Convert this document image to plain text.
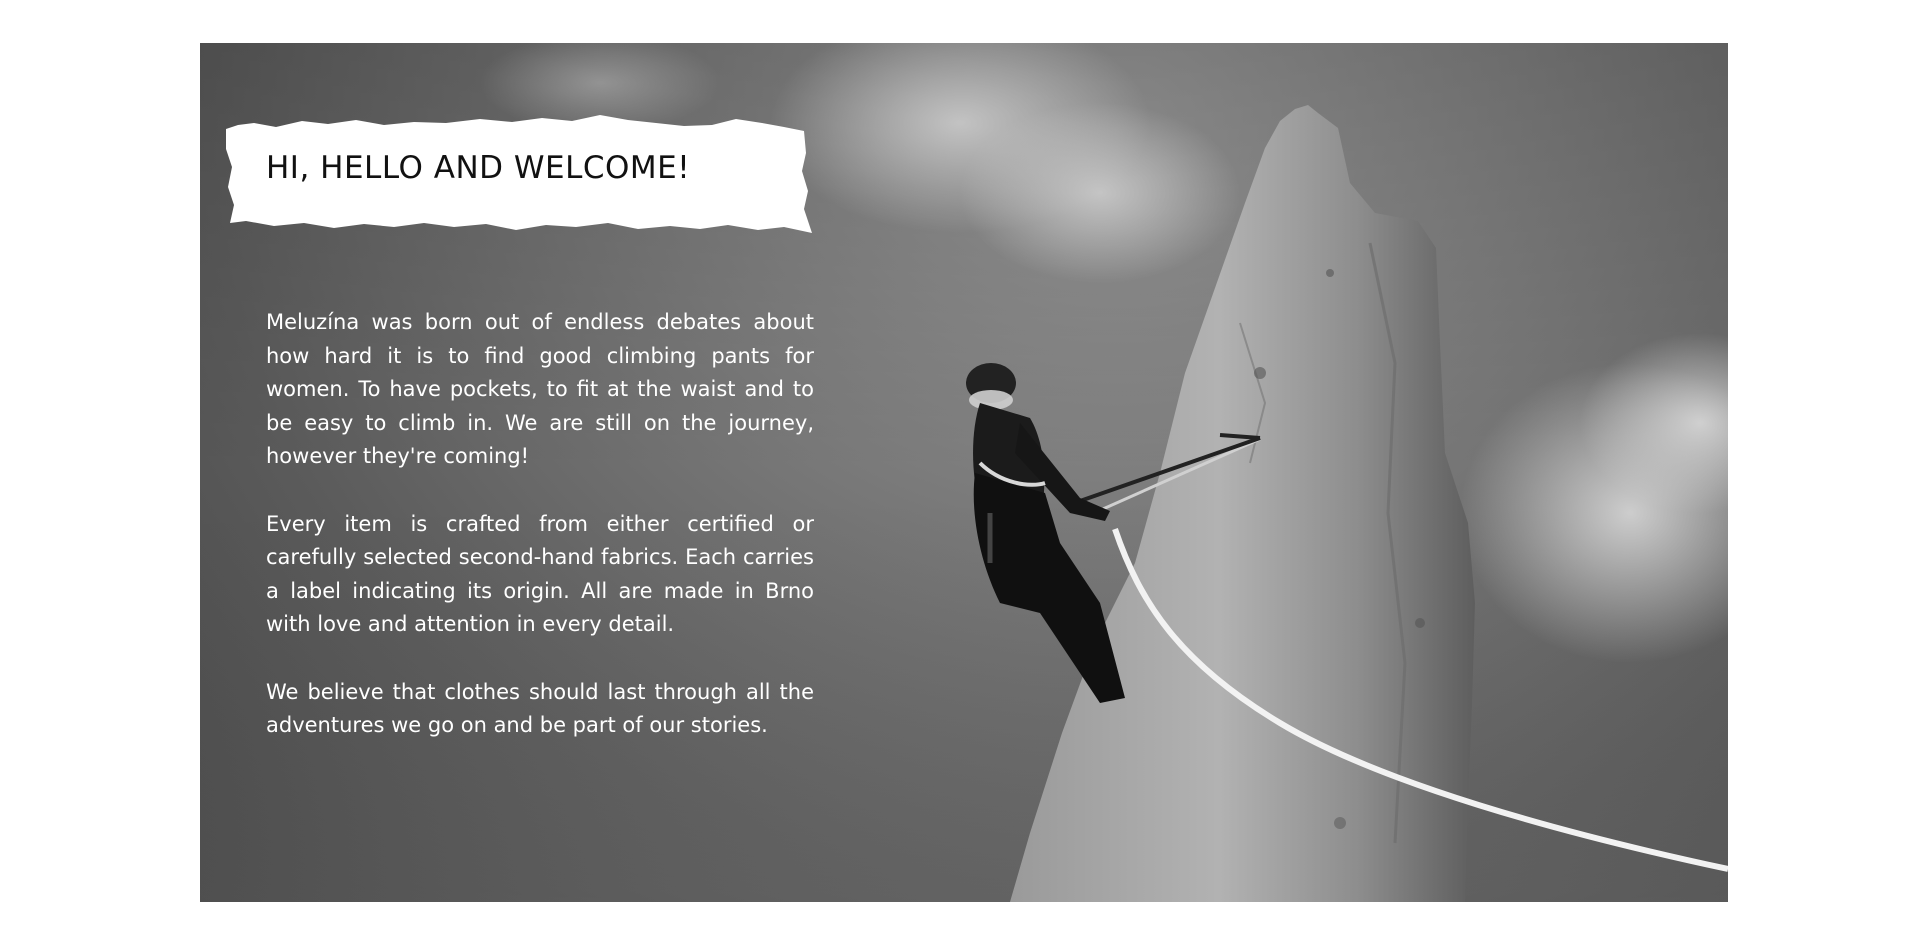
HI, HELLO AND WELCOME!

Meluzína was born out of endless debates about how hard it is to find good climbing pants for women. To have pockets, to fit at the waist and to be easy to climb in. We are still on the journey, however they're coming!

Every item is crafted from either certified or carefully selected second-hand fabrics. Each carries a label indicating its origin. All are made in Brno with love and attention in every detail.

We believe that clothes should last through all the adventures we go on and be part of our stories.
